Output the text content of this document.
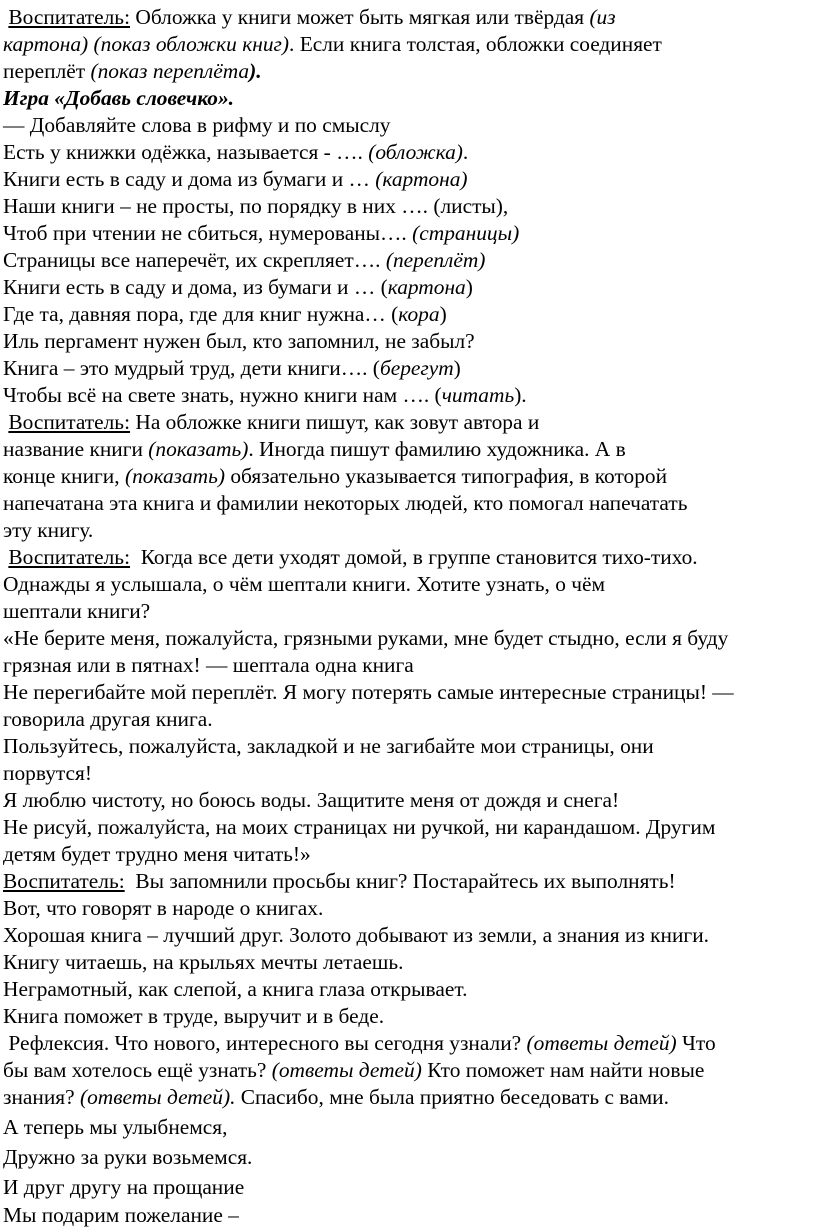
Воспитатель: Обложка у книги может быть мягкая или твёрдая (из
картона) (показ обложки книг). Если книга толстая, обложки соединяет
переплёт (показ переплёта).
Игра «Добавь словечко».
— Добавляйте слова в рифму и по смыслу
Есть у книжки одёжка, называется - …. (обложка).
Книги есть в саду и дома из бумаги и … (картона)
Наши книги – не просты, по порядку в них …. (листы),
Чтоб при чтении не сбиться, нумерованы…. (страницы)
Страницы все наперечёт, их скрепляет…. (переплёт)
Книги есть в саду и дома, из бумаги и … (картона)
Где та, давняя пора, где для книг нужна… (кора)
Иль пергамент нужен был, кто запомнил, не забыл?
Книга – это мудрый труд, дети книги…. (берегут)
Чтобы всё на свете знать, нужно книги нам …. (читать).
Воспитатель: На обложке книги пишут, как зовут автора и
название книги (показать). Иногда пишут фамилию художника. А в
конце книги, (показать) обязательно указывается типография, в которой
напечатана эта книга и фамилии некоторых людей, кто помогал напечатать
эту книгу.
Воспитатель: Когда все дети уходят домой, в группе становится тихо-тихо.
Однажды я услышала, о чём шептали книги. Хотите узнать, о чём
шептали книги?
«Не берите меня, пожалуйста, грязными руками, мне будет стыдно, если я буду
грязная или в пятнах! — шептала одна книга
Не перегибайте мой переплёт. Я могу потерять самые интересные страницы! —
говорила другая книга.
Пользуйтесь, пожалуйста, закладкой и не загибайте мои страницы, они
порвутся!
Я люблю чистоту, но боюсь воды. Защитите меня от дождя и снега!
Не рисуй, пожалуйста, на моих страницах ни ручкой, ни карандашом. Другим
детям будет трудно меня читать!»
Воспитатель: Вы запомнили просьбы книг? Постарайтесь их выполнять!
Вот, что говорят в народе о книгах.
Хорошая книга – лучший друг. Золото добывают из земли, а знания из книги.
Книгу читаешь, на крыльях мечты летаешь.
Неграмотный, как слепой, а книга глаза открывает.
Книга поможет в труде, выручит и в беде.
Рефлексия. Что нового, интересного вы сегодня узнали? (ответы детей) Что
бы вам хотелось ещё узнать? (ответы детей) Кто поможет нам найти новые
знания? (ответы детей). Спасибо, мне была приятно беседовать с вами.
А теперь мы улыбнемся,
Дружно за руки возьмемся.
И друг другу на прощание
Мы подарим пожелание –
